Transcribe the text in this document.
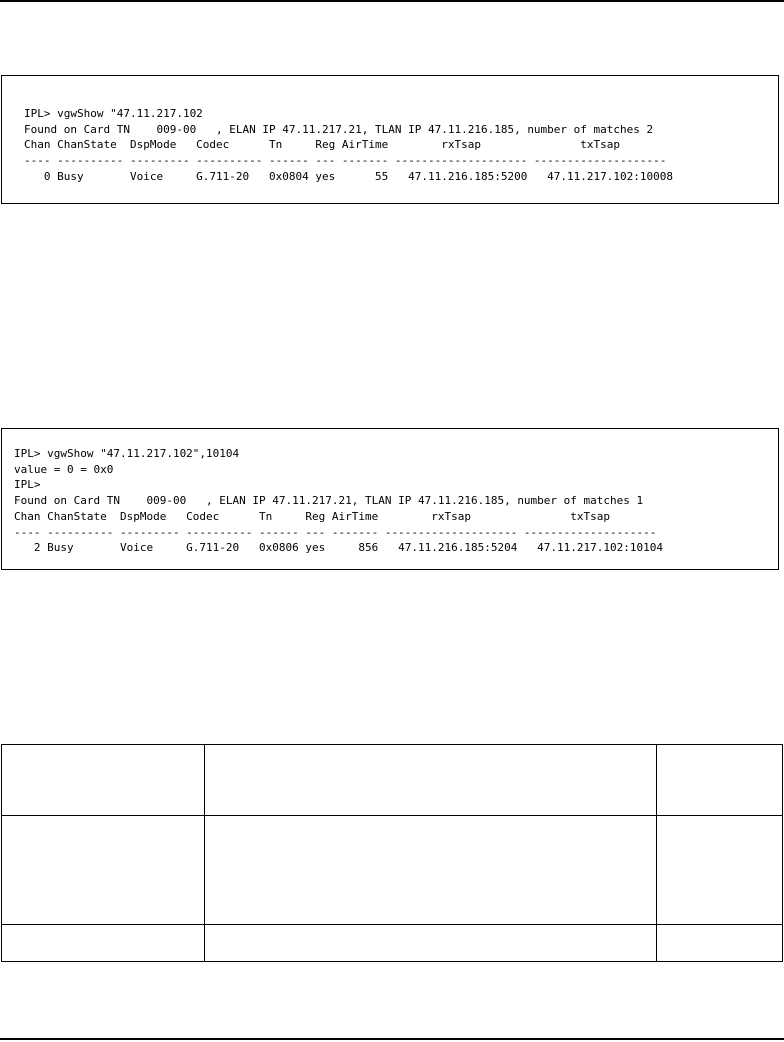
IPL> vgwShow "47.11.217.102
Found on Card TN    009-00   , ELAN IP 47.11.217.21, TLAN IP 47.11.216.185, number of matches 2
Chan ChanState  DspMode   Codec      Tn     Reg AirTime        rxTsap               txTsap
---- ---------- --------- ---------- ------ --- ------- -------------------- --------------------
0 Busy       Voice     G.711-20   0x0804 yes      55   47.11.216.185:5200   47.11.217.102:10008
IPL> vgwShow "47.11.217.102",10104
value = 0 = 0x0
IPL>
Found on Card TN    009-00   , ELAN IP 47.11.217.21, TLAN IP 47.11.216.185, number of matches 1
Chan ChanState  DspMode   Codec      Tn     Reg AirTime        rxTsap               txTsap
---- ---------- --------- ---------- ------ --- ------- -------------------- --------------------
2 Busy       Voice     G.711-20   0x0806 yes     856   47.11.216.185:5204   47.11.217.102:10104
